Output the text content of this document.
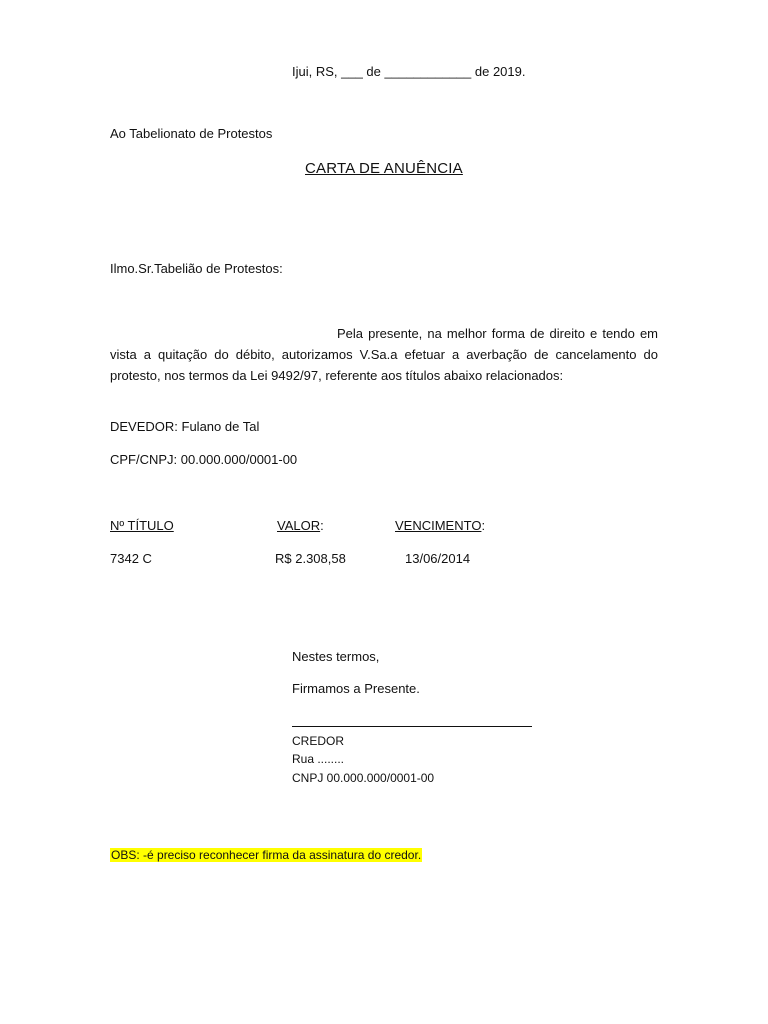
Ijui, RS, ___ de ____________ de 2019.
Ao Tabelionato de Protestos
CARTA DE ANUÊNCIA
Ilmo.Sr.Tabelião de Protestos:
Pela presente, na melhor forma de direito e tendo em vista a quitação do débito, autorizamos V.Sa.a efetuar a averbação de cancelamento do protesto, nos termos da Lei 9492/97, referente aos títulos abaixo relacionados:
DEVEDOR: Fulano de Tal
CPF/CNPJ: 00.000.000/0001-00
Nº TÍTULO	VALOR:	VENCIMENTO:
7342 C	R$ 2.308,58	13/06/2014
Nestes termos,
Firmamos a Presente.
CREDOR
Rua ........
CNPJ 00.000.000/0001-00
OBS: -é preciso reconhecer firma da assinatura do credor.
